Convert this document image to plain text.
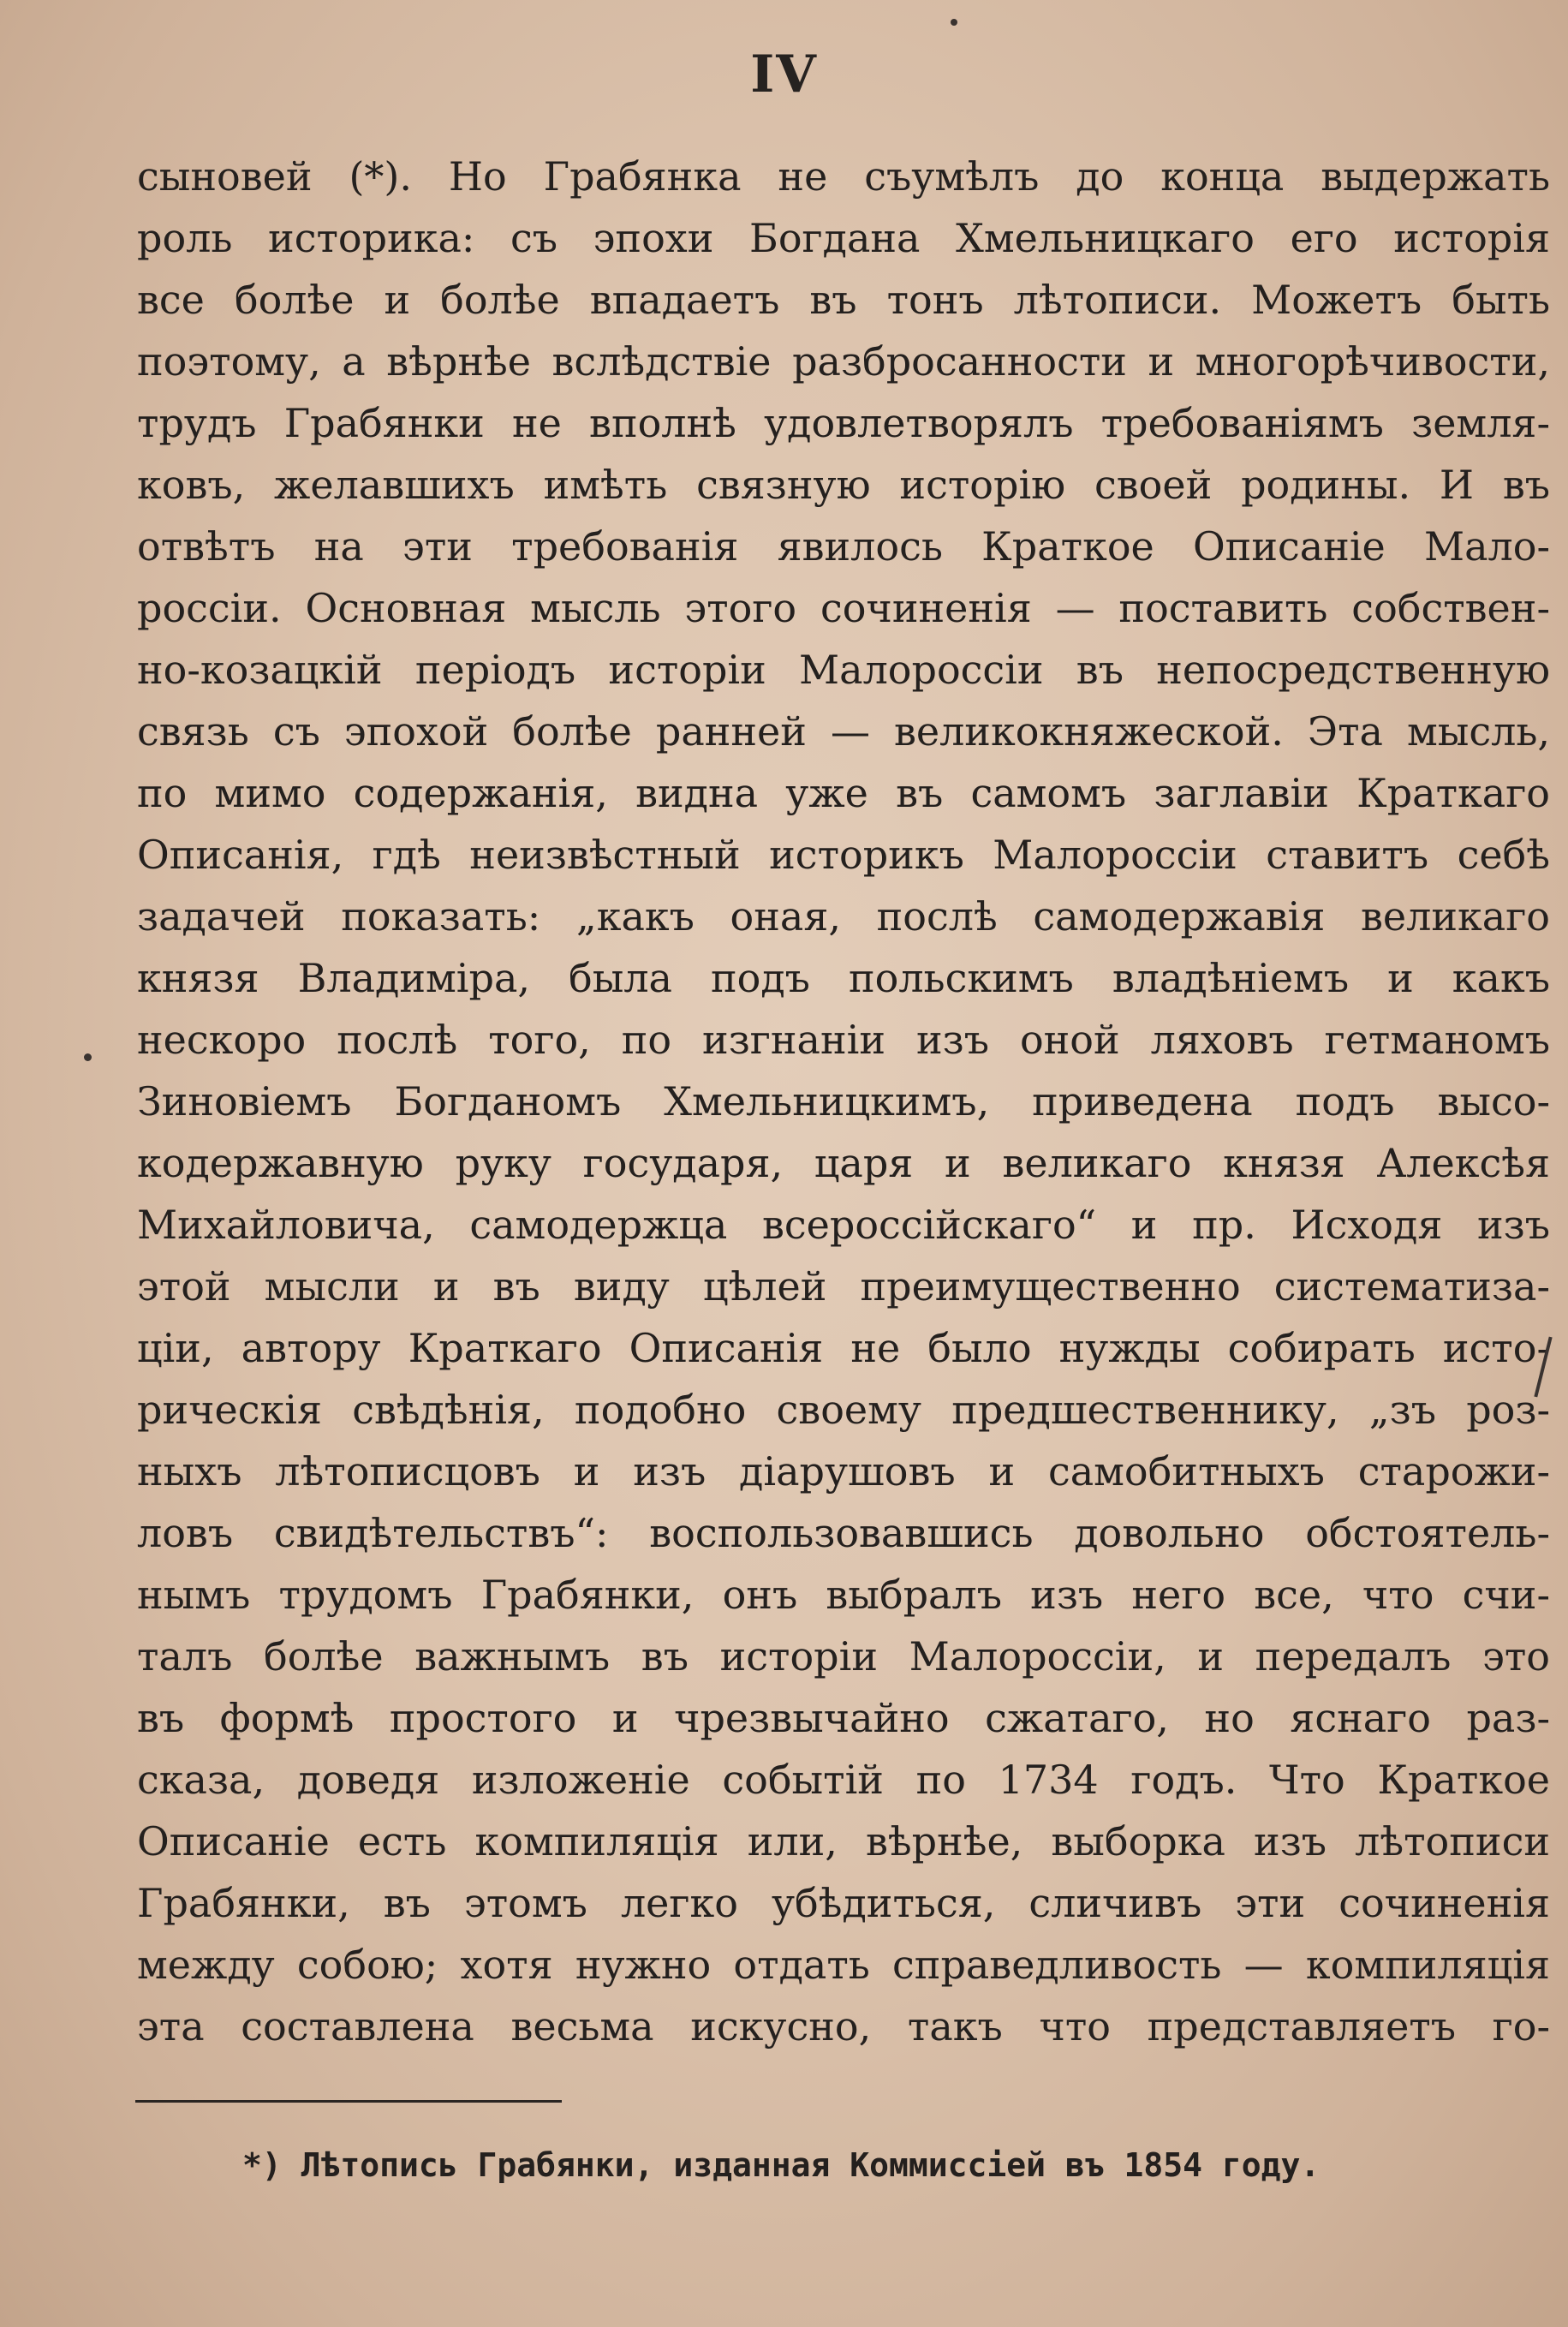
IV
сыновей (*). Но Грабянка не съумѣлъ до конца выдержать
роль историка: съ эпохи Богдана Хмельницкаго его исторія
все болѣе и болѣе впадаетъ въ тонъ лѣтописи. Можетъ быть
поэтому, а вѣрнѣе вслѣдствіе разбросанности и многорѣчивости,
трудъ Грабянки не вполнѣ удовлетворялъ требованіямъ земля-
ковъ, желавшихъ имѣть связную исторію своей родины. И въ
отвѣтъ на эти требованія явилось Краткое Описаніе Мало-
россіи. Основная мысль этого сочиненія — поставить собствен-
но-козацкій періодъ исторіи Малороссіи въ непосредственную
связь съ эпохой болѣе ранней — великокняжеской. Эта мысль,
по мимо содержанія, видна уже въ самомъ заглавіи Краткаго
Описанія, гдѣ неизвѣстный историкъ Малороссіи ставитъ себѣ
задачей показать: „какъ оная, послѣ самодержавія великаго
князя Владиміра, была подъ польскимъ владѣніемъ и какъ
нескоро послѣ того, по изгнаніи изъ оной ляховъ гетманомъ
Зиновіемъ Богданомъ Хмельницкимъ, приведена подъ высо-
кодержавную руку государя, царя и великаго князя Алексѣя
Михайловича, самодержца всероссійскаго“ и пр. Исходя изъ
этой мысли и въ виду цѣлей преимущественно систематиза-
ціи, автору Краткаго Описанія не было нужды собирать исто-
рическія свѣдѣнія, подобно своему предшественнику, „зъ роз-
ныхъ лѣтописцовъ и изъ діарушовъ и самобитныхъ старожи-
ловъ свидѣтельствъ“: воспользовавшись довольно обстоятель-
нымъ трудомъ Грабянки, онъ выбралъ изъ него все, что счи-
талъ болѣе важнымъ въ исторіи Малороссіи, и передалъ это
въ формѣ простого и чрезвычайно сжатаго, но яснаго раз-
сказа, доведя изложеніе событій по 1734 годъ. Что Краткое
Описаніе есть компиляція или, вѣрнѣе, выборка изъ лѣтописи
Грабянки, въ этомъ легко убѣдиться, сличивъ эти сочиненія
между собою; хотя нужно отдать справедливость — компиляція
эта составлена весьма искусно, такъ что представляетъ го-
*) Лѣтопись Грабянки, изданная Коммиссіей въ 1854 году.
